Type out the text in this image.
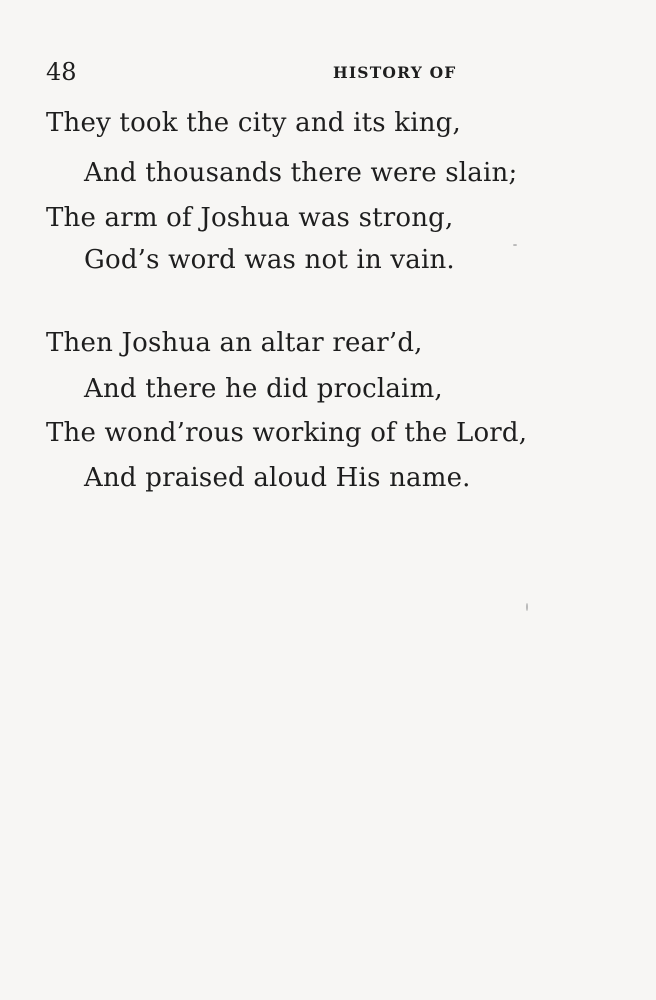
48	HISTORY OF
They took the city and its king,
And thousands there were slain;
The arm of Joshua was strong,
God’s word was not in vain.
Then Joshua an altar rear’d,
And there he did proclaim,
The wond’rous working of the Lord,
And praised aloud His name.
